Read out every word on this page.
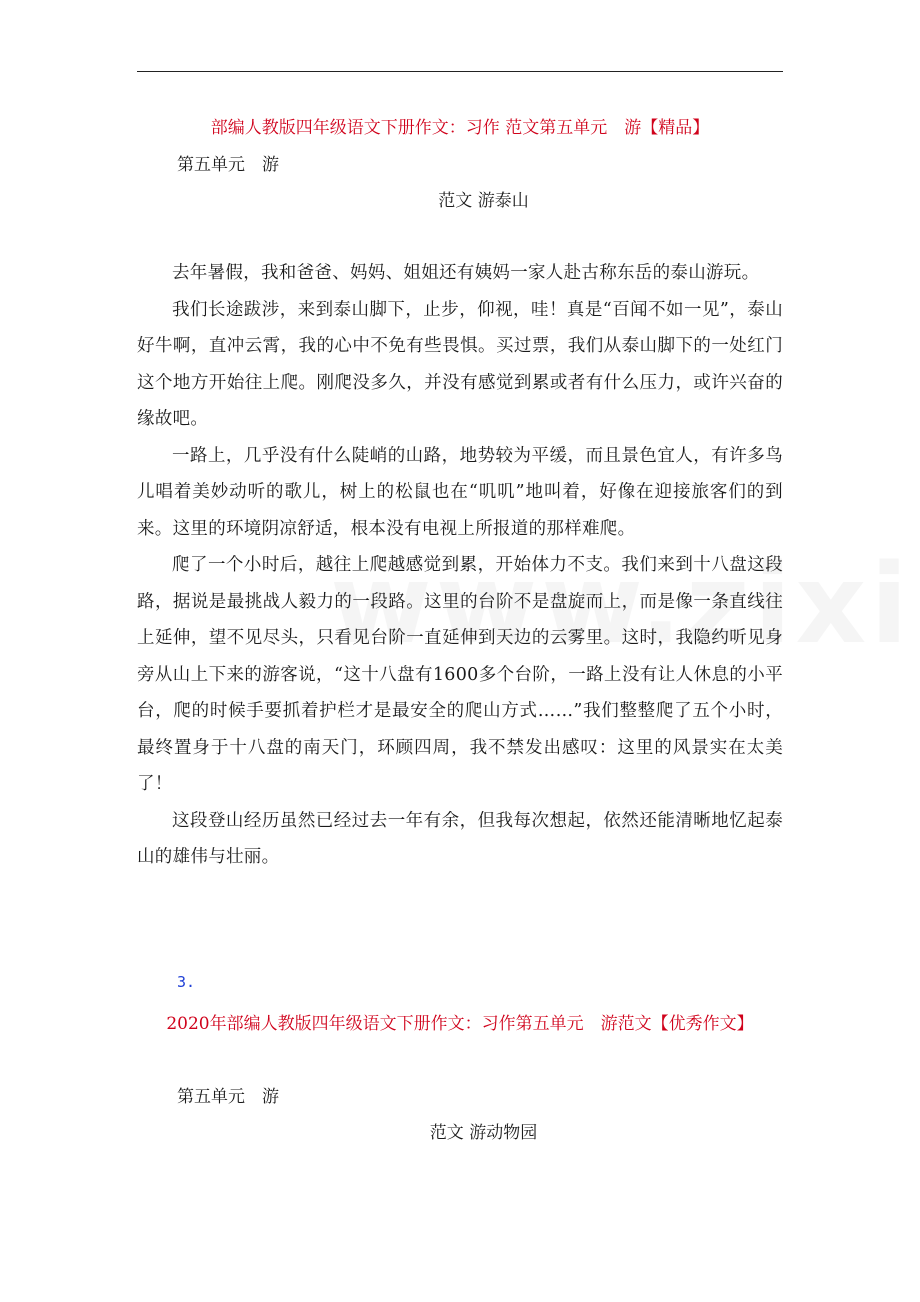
部编人教版四年级语文下册作文：习作 范文第五单元　游【精品】
第五单元　游
范文 游泰山

去年暑假，我和爸爸、妈妈、姐姐还有姨妈一家人赴古称东岳的泰山游玩。

我们长途跋涉，来到泰山脚下，止步，仰视，哇！真是“百闻不如一见”，泰山好牛啊，直冲云霄，我的心中不免有些畏惧。买过票，我们从泰山脚下的一处红门这个地方开始往上爬。刚爬没多久，并没有感觉到累或者有什么压力，或许兴奋的缘故吧。

一路上，几乎没有什么陡峭的山路，地势较为平缓，而且景色宜人，有许多鸟儿唱着美妙动听的歌儿，树上的松鼠也在“叽叽”地叫着，好像在迎接旅客们的到来。这里的环境阴凉舒适，根本没有电视上所报道的那样难爬。

爬了一个小时后，越往上爬越感觉到累，开始体力不支。我们来到十八盘这段路，据说是最挑战人毅力的一段路。这里的台阶不是盘旋而上，而是像一条直线往上延伸，望不见尽头，只看见台阶一直延伸到天边的云雾里。这时，我隐约听见身旁从山上下来的游客说，“这十八盘有1600多个台阶，一路上没有让人休息的小平台，爬的时候手要抓着护栏才是最安全的爬山方式……”我们整整爬了五个小时，最终置身于十八盘的南天门，环顾四周，我不禁发出感叹：这里的风景实在太美了！

这段登山经历虽然已经过去一年有余，但我每次想起，依然还能清晰地忆起泰山的雄伟与壮丽。

3.
2020年部编人教版四年级语文下册作文：习作第五单元　游范文【优秀作文】
第五单元　游
范文 游动物园
